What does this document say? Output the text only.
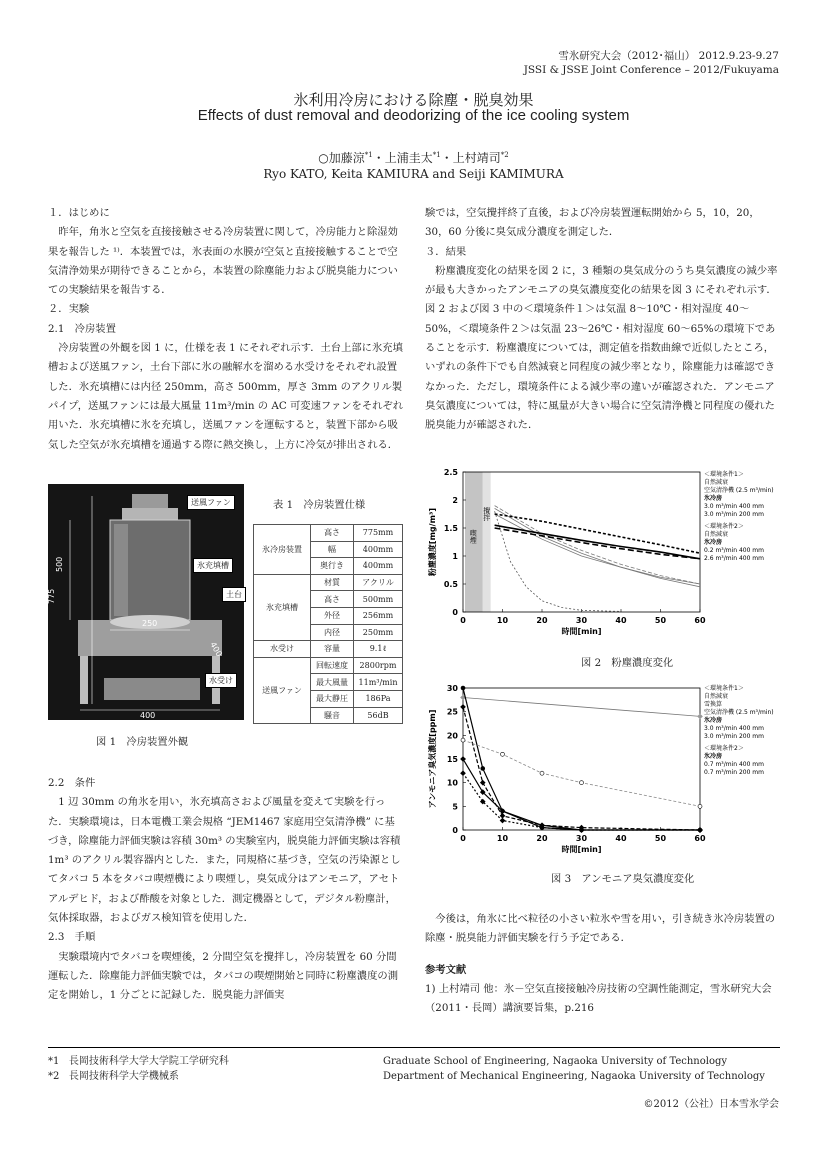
雪氷研究大会（2012･福山） 2012.9.23-9.27
JSSI & JSSE Joint Conference – 2012/Fukuyama
氷利用冷房における除塵・脱臭効果
Effects of dust removal and deodorizing of the ice cooling system
○加藤涼$^{*1}$・上浦圭太$^{*1}$・上村靖司$^{*2}$
Ryo KATO, Keita KAMIURA and Seiji KAMIMURA

１．はじめに

昨年，角氷と空気を直接接触させる冷房装置に関して，冷房能力と除湿効果を報告した ¹⁾．本装置では，氷表面の水膜が空気と直接接触することで空気清浄効果が期待できることから，本装置の除塵能力および脱臭能力についての実験結果を報告する．

２．実験

2.1　冷房装置

冷房装置の外観を図 1 に，仕様を表 1 にそれぞれ示す．土台上部に氷充填槽および送風ファン，土台下部に氷の融解水を溜める水受けをそれぞれ設置した．氷充填槽には内径 250mm，高さ 500mm，厚さ 3mm のアクリル製パイプ，送風ファンには最大風量 11m³/min の AC 可変速ファンをそれぞれ用いた．氷充填槽に氷を充填し，送風ファンを運転すると，装置下部から吸気した空気が氷充填槽を通過する際に熱交換し，上方に冷気が排出される．

500
775
250
400
400
送風ファン
氷充填槽
土台
水受け
図 1　冷房装置外観
表 1　冷房装置仕様
氷冷房装置	高さ	775mm
	幅	400mm
	奥行き	400mm
氷充填槽	材質	アクリル
	高さ	500mm
	外径	256mm
	内径	250mm
水受け	容量	9.1ℓ
送風ファン	回転速度	2800rpm
	最大風量	11m³/min
	最大静圧	186Pa
	騒音	56dB

2.2　条件

1 辺 30mm の角氷を用い，氷充填高さおよび風量を変えて実験を行った．実験環境は，日本電機工業会規格 “JEM1467 家庭用空気清浄機” に基づき，除塵能力評価実験は容積 30m³ の実験室内，脱臭能力評価実験は容積 1m³ のアクリル製容器内とした．また，同規格に基づき，空気の汚染源としてタバコ 5 本をタバコ喫煙機により喫煙し，臭気成分はアンモニア，アセトアルデヒド，および酢酸を対象とした．測定機器として，デジタル粉塵計，気体採取器，およびガス検知管を使用した．

2.3　手順

実験環境内でタバコを喫煙後，2 分間空気を攪拌し，冷房装置を 60 分間運転した．除塵能力評価実験では，タバコの喫煙開始と同時に粉塵濃度の測定を開始し，1 分ごとに記録した．脱臭能力評価実

験では，空気攪拌終了直後，および冷房装置運転開始から 5，10，20，30，60 分後に臭気成分濃度を測定した．

３．結果

粉塵濃度変化の結果を図 2 に，3 種類の臭気成分のうち臭気濃度の減少率が最も大きかったアンモニアの臭気濃度変化の結果を図 3 にそれぞれ示す．図 2 および図 3 中の＜環境条件１＞は気温 8～10℃・相対湿度 40～50%，＜環境条件２＞は気温 23～26℃・相対湿度 60～65%の環境下であることを示す．粉塵濃度については，測定値を指数曲線で近似したところ，いずれの条件下でも自然減衰と同程度の減少率となり，除塵能力は確認できなかった．ただし，環境条件による減少率の違いが確認された．アンモニア臭気濃度については，特に風量が大きい場合に空気清浄機と同程度の優れた脱臭能力が確認された．

喫煙
攪拌
0
0.5
1
1.5
2
2.5
0	10	20	30	40	50	60
時間[min]
粉塵濃度[mg/m³]
＜環境条件1＞
自然減衰
空気清浄機 (2.5 m³/min)
氷冷房
3.0 m³/min 400 mm
3.0 m³/min 200 mm
＜環境条件2＞
自然減衰
氷冷房
0.2 m³/min 400 mm
2.6 m³/min 400 mm
図 2　粉塵濃度変化
0
5
10
15
20
25
30
0	10	20	30	40	50	60
時間[min]
アンモニア臭気濃度[ppm]
＜環境条件1＞
自然減衰
雪換算
空気清浄機 (2.5 m³/min)
氷冷房
3.0 m³/min 400 mm
3.0 m³/min 200 mm
＜環境条件2＞
氷冷房
0.7 m³/min 400 mm
0.7 m³/min 200 mm
図 3　アンモニア臭気濃度変化

今後は，角氷に比べ粒径の小さい粒氷や雪を用い，引き続き氷冷房装置の除塵・脱臭能力評価実験を行う予定である．

参考文献

1) 上村靖司 他：氷－空気直接接触冷房技術の空調性能測定，雪氷研究大会（2011・長岡）講演要旨集，p.216

*1 長岡技術科学大学大学院工学研究科
*2 長岡技術科学大学機械系
Graduate School of Engineering, Nagaoka University of Technology
Department of Mechanical Engineering, Nagaoka University of Technology
©2012（公社）日本雪氷学会
